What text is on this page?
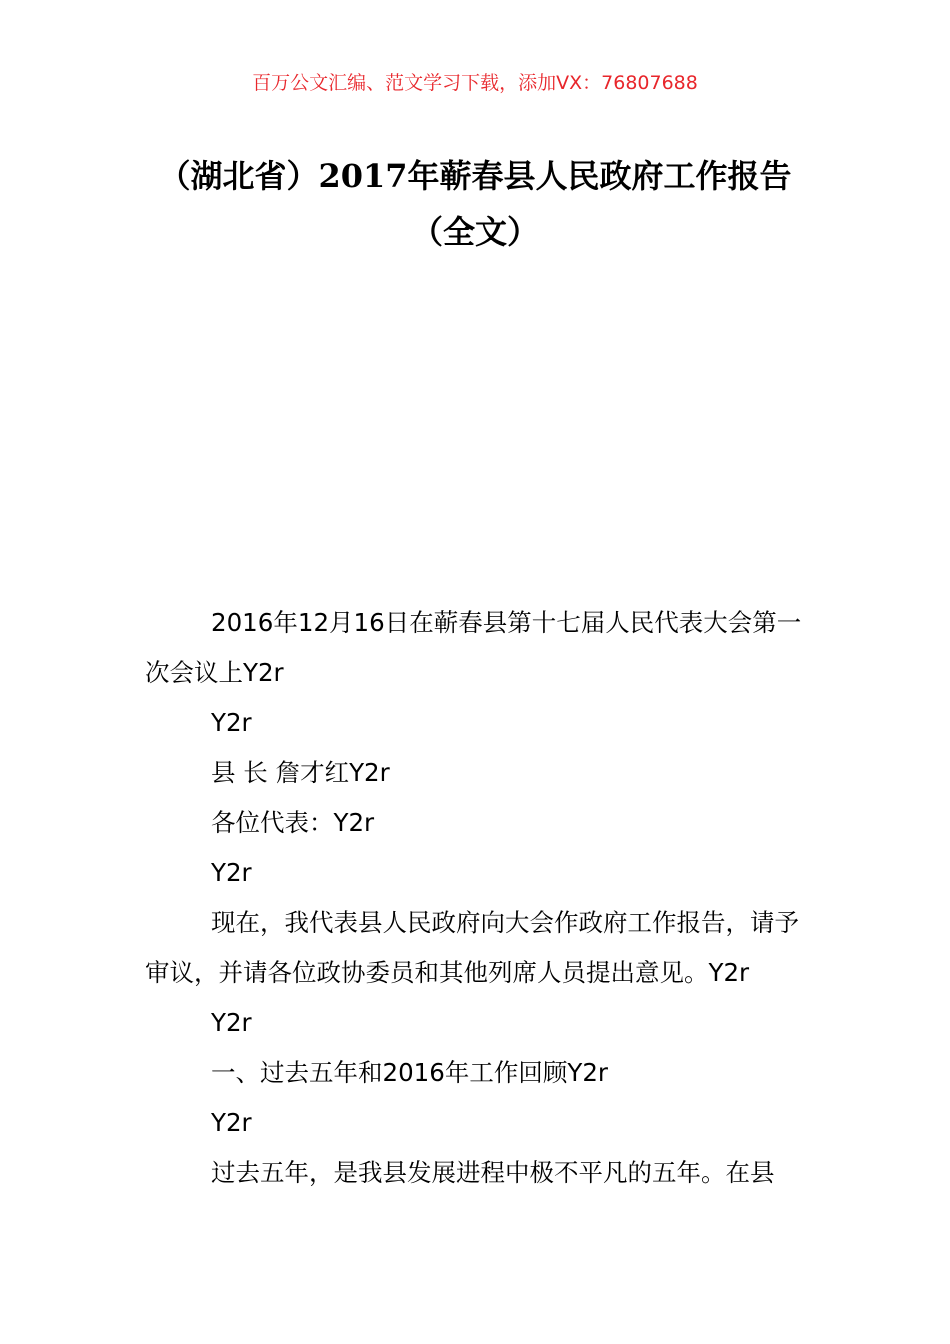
百万公文汇编、范文学习下载，添加VX：76807688
（湖北省）2017年蕲春县人民政府工作报告（全文）

2016年12月16日在蕲春县第十七届人民代表大会第一次会议上Y2r

Y2r

县 长 詹才红Y2r

各位代表：Y2r

Y2r

现在，我代表县人民政府向大会作政府工作报告，请予审议，并请各位政协委员和其他列席人员提出意见。Y2r

Y2r

一、过去五年和2016年工作回顾Y2r

Y2r

过去五年，是我县发展进程中极不平凡的五年。在县
